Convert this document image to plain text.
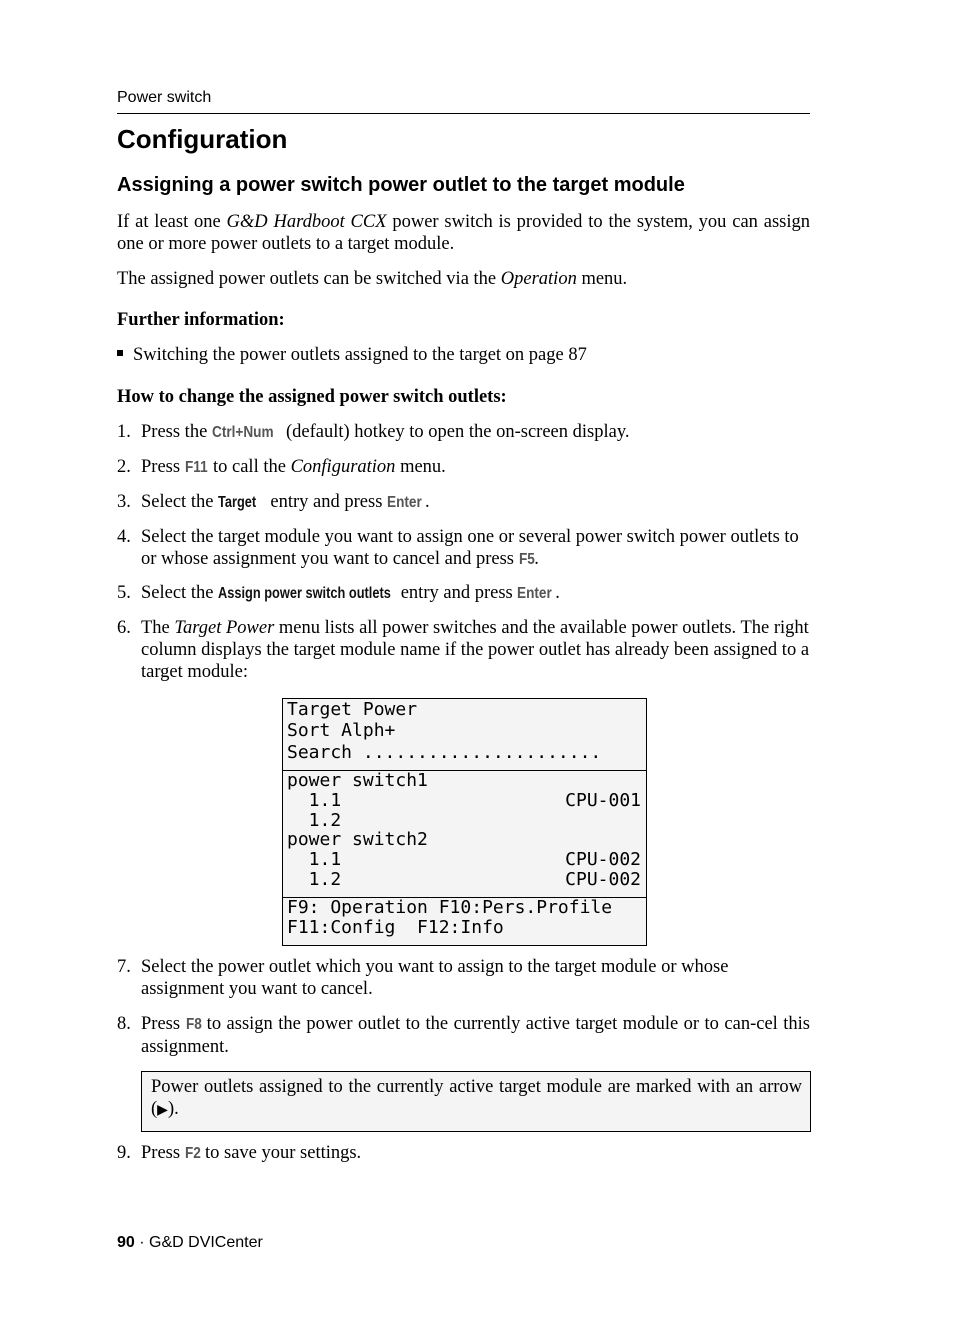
Power switch
Configuration
Assigning a power switch power outlet to the target module

If at least one G&D Hardboot CCX power switch is provided to the system, you can assign one or more power outlets to a target module.

The assigned power outlets can be switched via the Operation menu.

Further information:

Switching the power outlets assigned to the target on page 87

How to change the assigned power switch outlets:

1. Press the Ctrl+Num (default) hotkey to open the on-screen display.
2. Press F11 to call the Configuration menu.
3. Select the Target entry and press Enter .
4. Select the target module you want to assign one or several power switch power outlets to or whose assignment you want to cancel and press F5.
5. Select the Assign power switch outlets entry and press Enter .
6. The Target Power menu lists all power switches and the available power outlets. The right column displays the target module name if the power outlet has already been assigned to a target module:
Target Power
Sort Alph+
Search ......................
power switch1
1.1	CPU-001
1.2
power switch2
1.1	CPU-002
1.2	CPU-002
F9: Operation F10:Pers.Profile
F11:Config  F12:Info
7. Select the power outlet which you want to assign to the target module or whose assignment you want to cancel.
8. Press F8 to assign the power outlet to the currently active target module or to can-cel this assignment.

Power outlets assigned to the currently active target module are marked with an arrow (▶).

9. Press F2 to save your settings.
90 · G&D DVICenter
